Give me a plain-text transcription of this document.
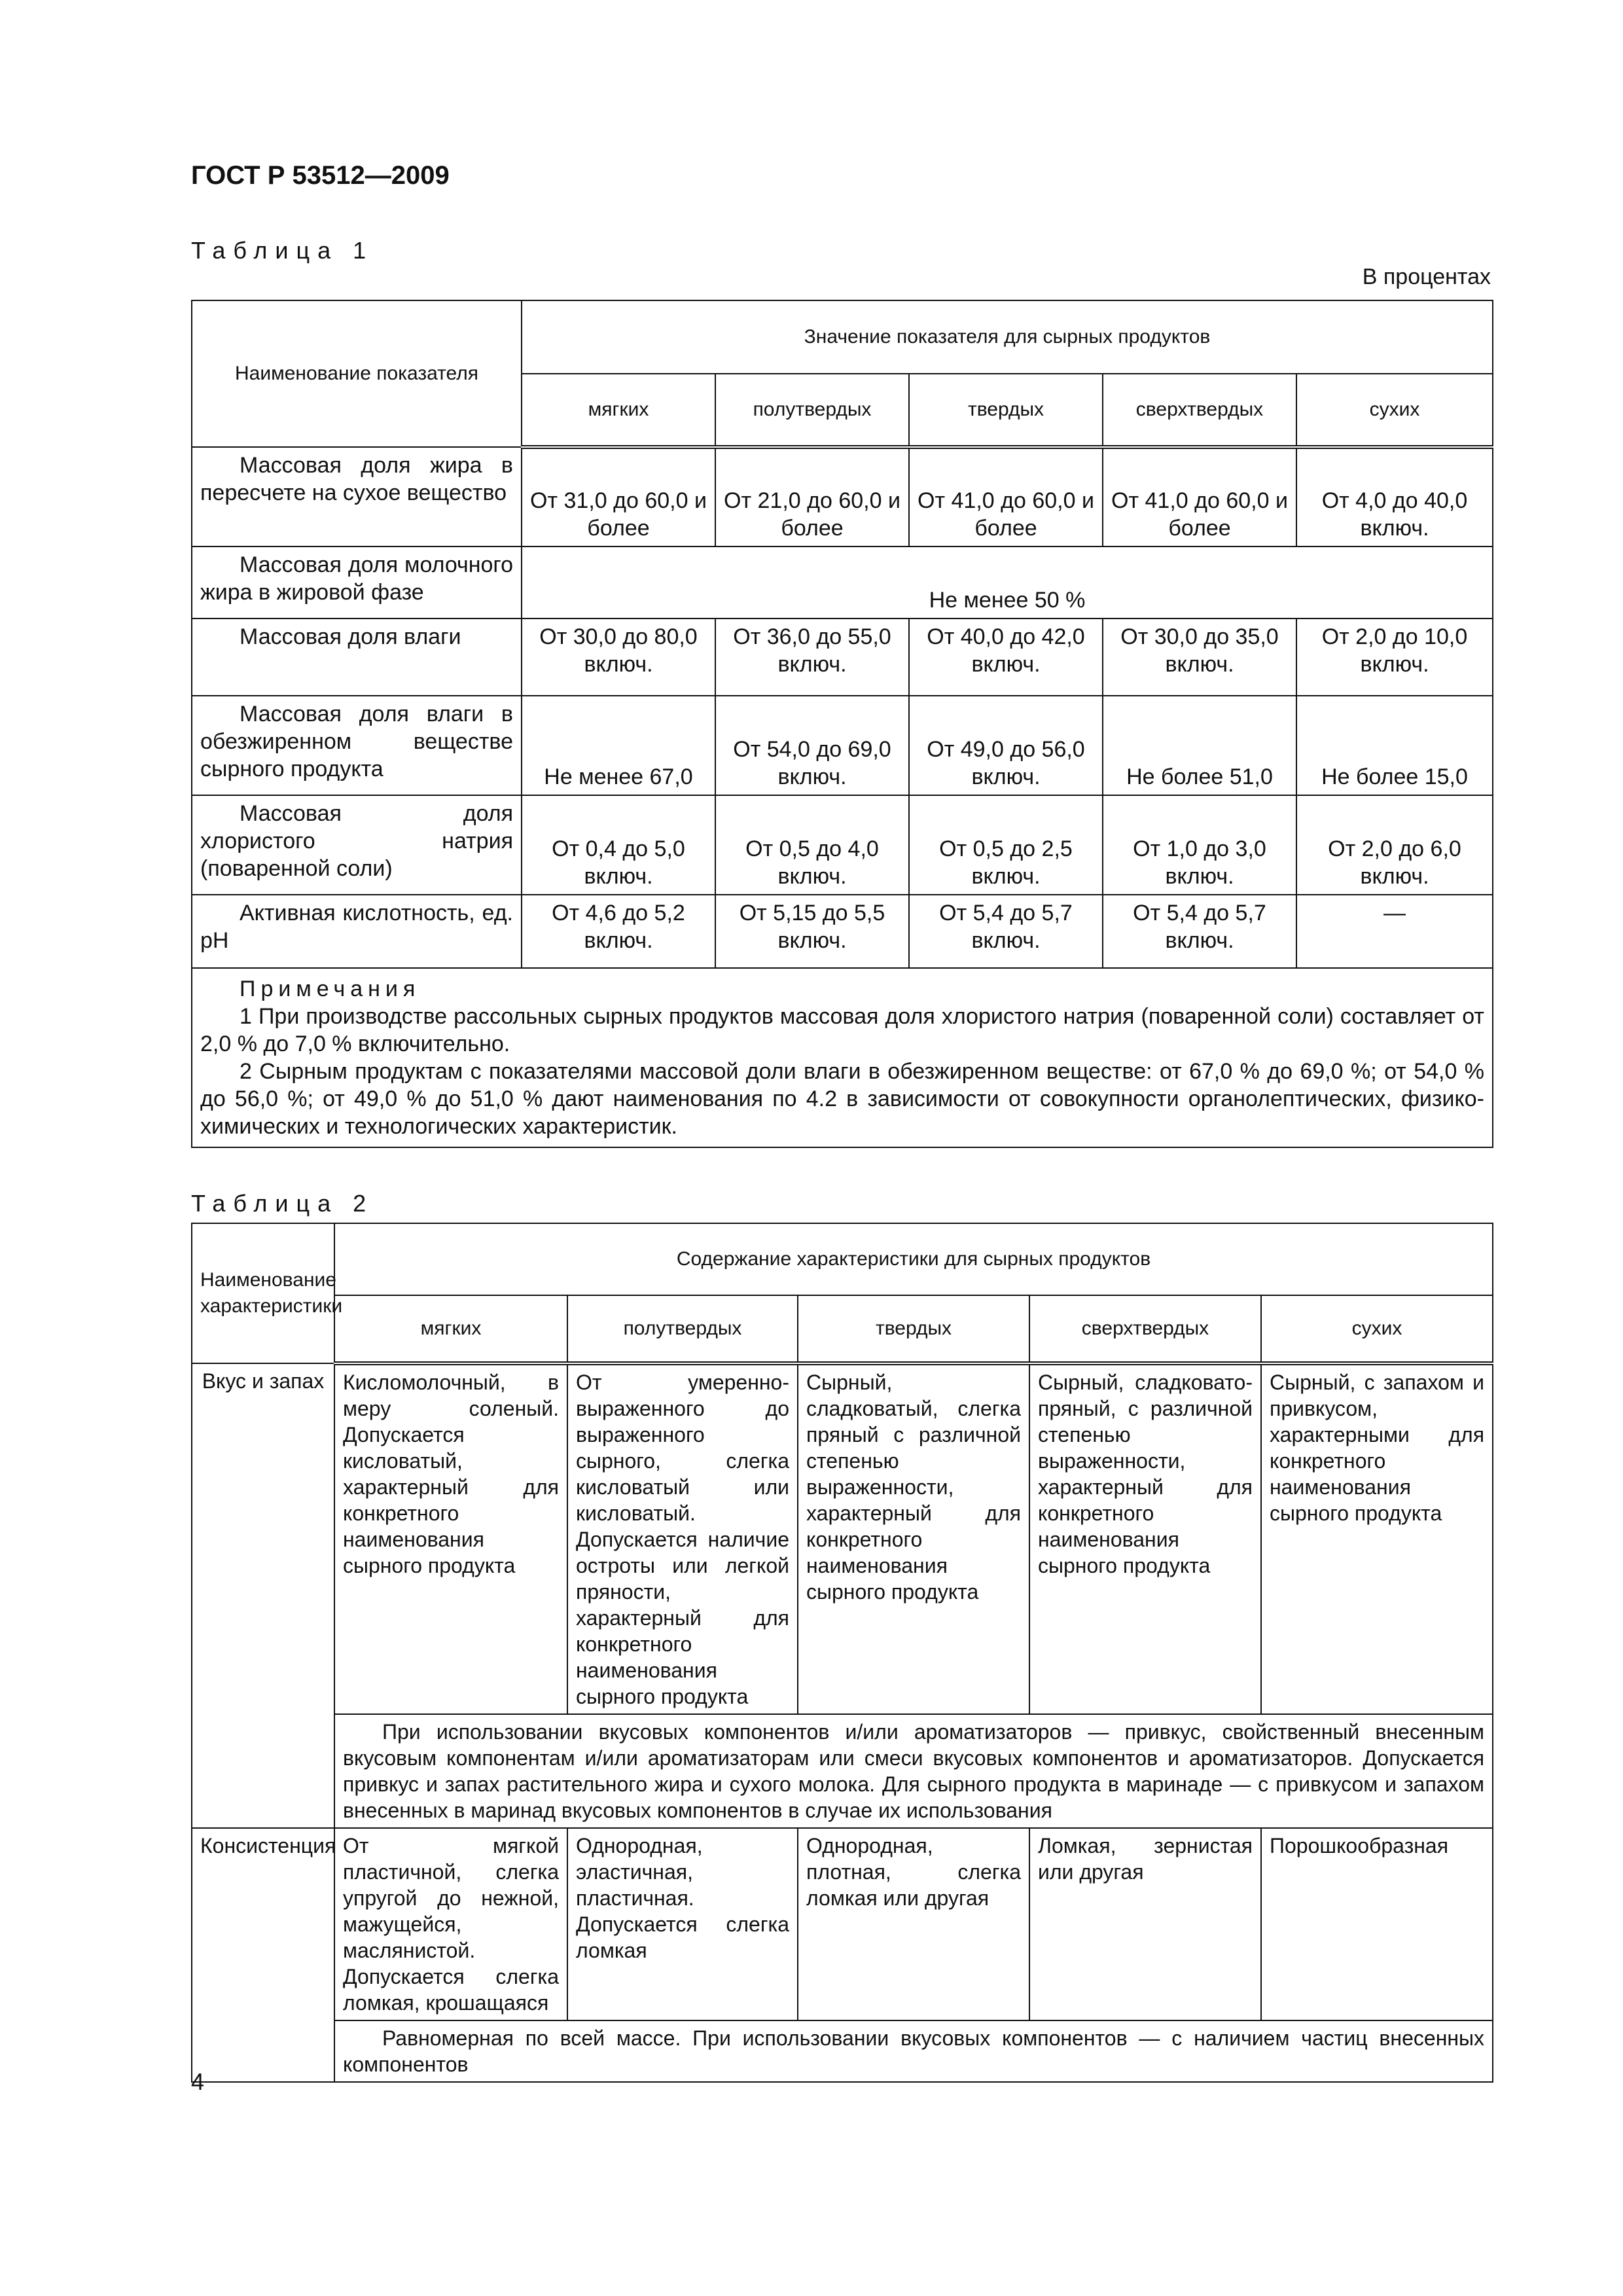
ГОСТ Р 53512—2009
Таблица 1
В процентах
Наименование показателя	Значение показателя для сырных продуктов				
	мягких	полутвердых	твердых	сверхтвердых	сухих
Массовая доля жира в пересчете на сухое вещество	От 31,0 до 60,0 и более	От 21,0 до 60,0 и более	От 41,0 до 60,0 и более	От 41,0 до 60,0 и более	От 4,0 до 40,0 включ.
Массовая доля молочного жира в жировой фазе	Не менее 50 %				
Массовая доля влаги	От 30,0 до 80,0 включ.	От 36,0 до 55,0 включ.	От 40,0 до 42,0 включ.	От 30,0 до 35,0 включ.	От 2,0 до 10,0 включ.
Массовая доля влаги в обезжиренном веществе сырного продукта	Не менее 67,0	От 54,0 до 69,0 включ.	От 49,0 до 56,0 включ.	Не более 51,0	Не более 15,0
Массовая доля хлористого натрия (поваренной соли)	От 0,4 до 5,0 включ.	От 0,5 до 4,0 включ.	От 0,5 до 2,5 включ.	От 1,0 до 3,0 включ.	От 2,0 до 6,0 включ.
Активная кислотность, ед. pH	От 4,6 до 5,2 включ.	От 5,15 до 5,5 включ.	От 5,4 до 5,7 включ.	От 5,4 до 5,7 включ.	—

Примечания

1 При производстве рассольных сырных продуктов массовая доля хлористого натрия (поваренной соли) составляет от 2,0 % до 7,0 % включительно.

2 Сырным продуктам с показателями массовой доли влаги в обезжиренном веществе: от 67,0 % до 69,0 %; от 54,0 % до 56,0 %; от 49,0 % до 51,0 % дают наименования по 4.2 в зависимости от совокупности органолептических, физико-химических и технологических характеристик.					

Таблица 2
Наименование характеристики	Содержание характеристики для сырных продуктов				
	мягких	полутвердых	твердых	сверхтвердых	сухих
Вкус и запах	Кисломолочный, в меру соленый. Допускается кисловатый, характерный для конкретного наименования сырного продукта	От умеренно-выраженного до выраженного сырного, слегка кисловатый или кисловатый. Допускается наличие остроты или легкой пряности, характерный для конкретного наименования сырного продукта	Сырный, сладковатый, слегка пряный с различной степенью выраженности, характерный для конкретного наименования сырного продукта	Сырный, сладковато-пряный, с различной степенью выраженности, характерный для конкретного наименования сырного продукта	Сырный, с запахом и привкусом, характерными для конкретного наименования сырного продукта
	При использовании вкусовых компонентов и/или ароматизаторов — привкус, свойственный внесенным вкусовым компонентам и/или ароматизаторам или смеси вкусовых компонентов и ароматизаторов. Допускается привкус и запах растительного жира и сухого молока. Для сырного продукта в маринаде — с привкусом и запахом внесенных в маринад вкусовых компонентов в случае их использования				
Консистенция	От мягкой пластичной, слегка упругой до нежной, мажущейся, маслянистой. Допускается слегка ломкая, крошащаяся	Однородная, эластичная, пластичная. Допускается слегка ломкая	Однородная, плотная, слегка ломкая или другая	Ломкая, зернистая или другая	Порошкообразная
	Равномерная по всей массе. При использовании вкусовых компонентов — с наличием частиц внесенных компонентов				
4
